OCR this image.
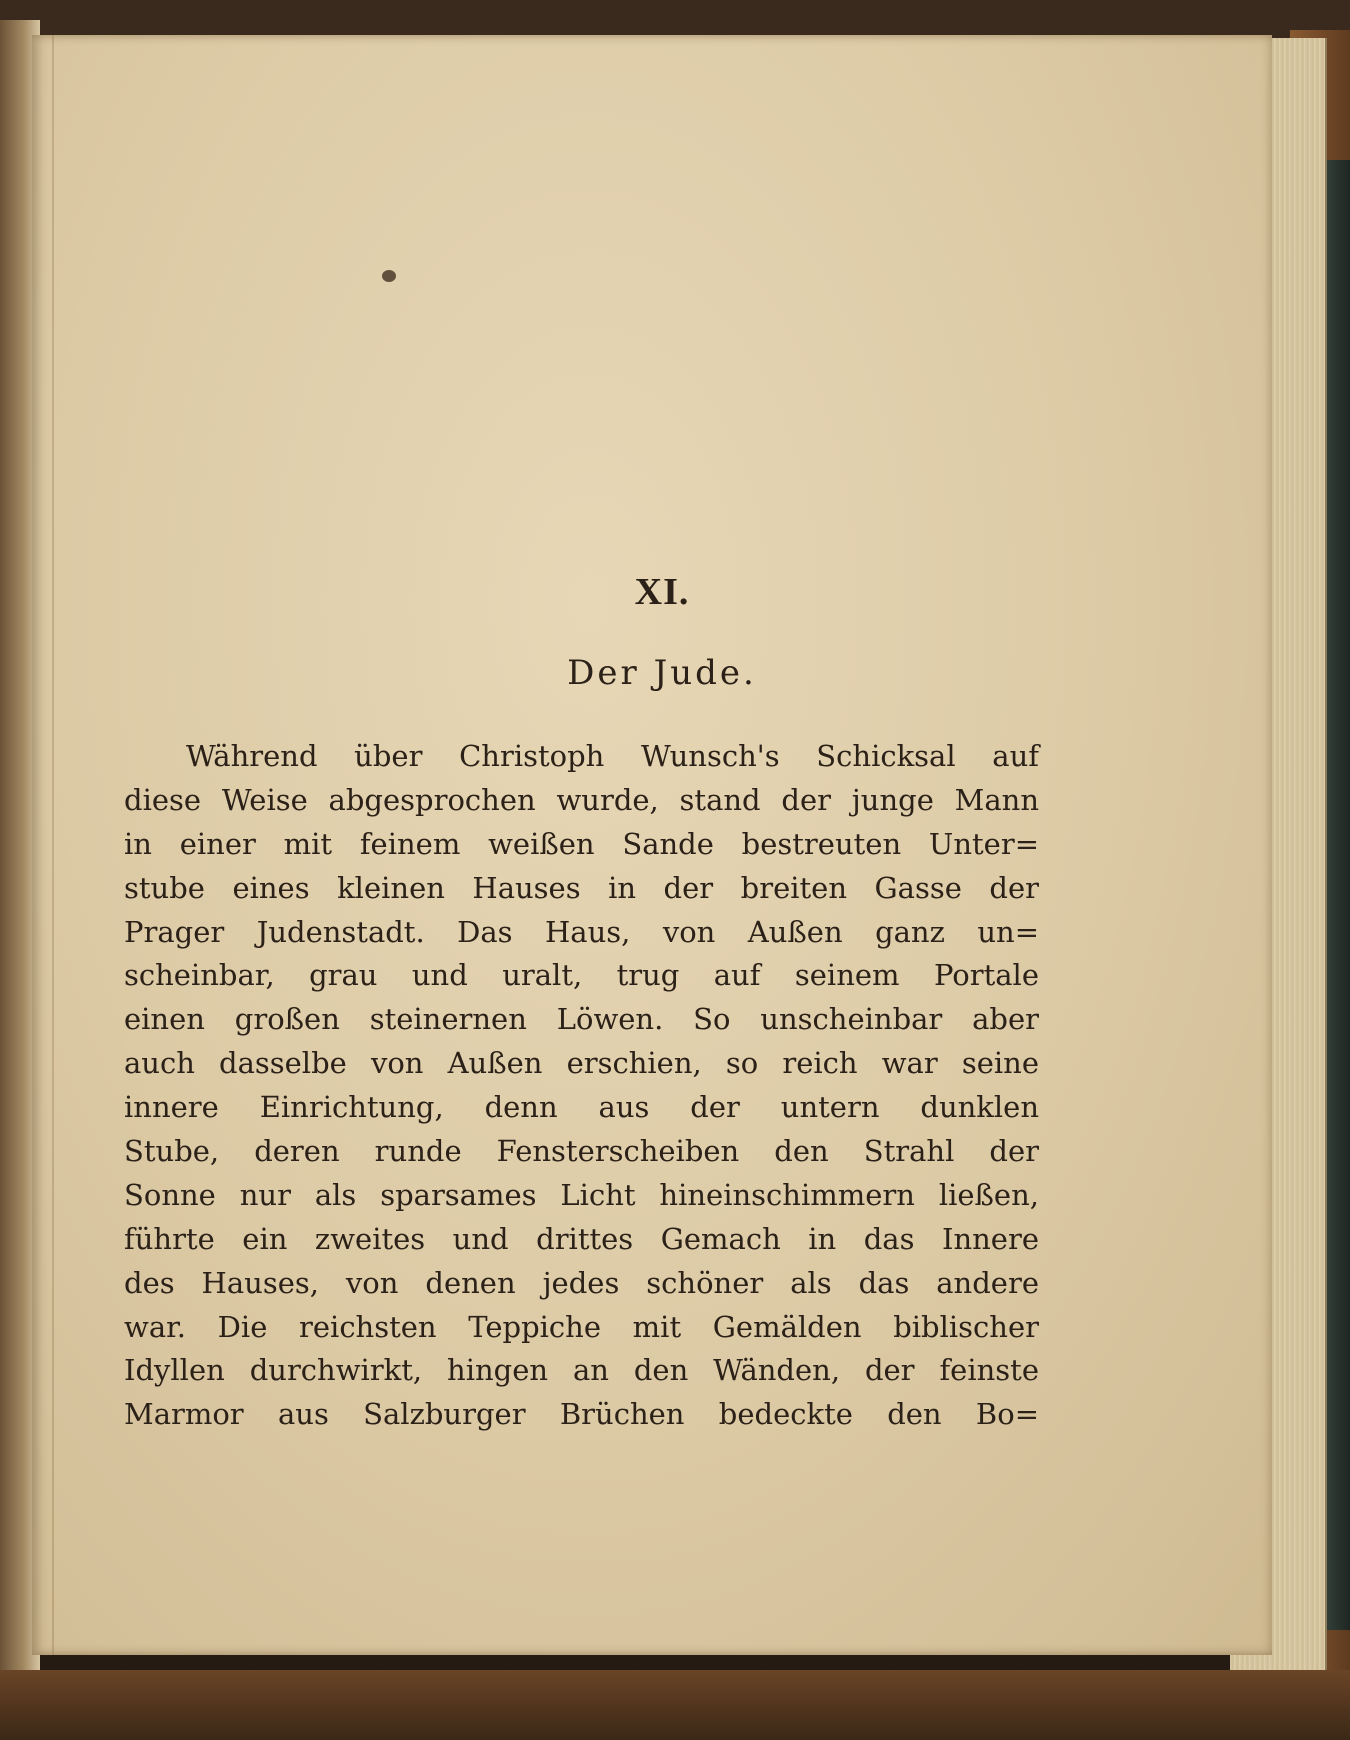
XI.
Der Jude.
Während über Christoph Wunsch's Schicksal auf
diese Weise abgesprochen wurde, stand der junge Mann
in einer mit feinem weißen Sande bestreuten Unter=
stube eines kleinen Hauses in der breiten Gasse der
Prager Judenstadt. Das Haus, von Außen ganz un=
scheinbar, grau und uralt, trug auf seinem Portale
einen großen steinernen Löwen. So unscheinbar aber
auch dasselbe von Außen erschien, so reich war seine
innere Einrichtung, denn aus der untern dunklen
Stube, deren runde Fensterscheiben den Strahl der
Sonne nur als sparsames Licht hineinschimmern ließen,
führte ein zweites und drittes Gemach in das Innere
des Hauses, von denen jedes schöner als das andere
war. Die reichsten Teppiche mit Gemälden biblischer
Idyllen durchwirkt, hingen an den Wänden, der feinste
Marmor aus Salzburger Brüchen bedeckte den Bo=
